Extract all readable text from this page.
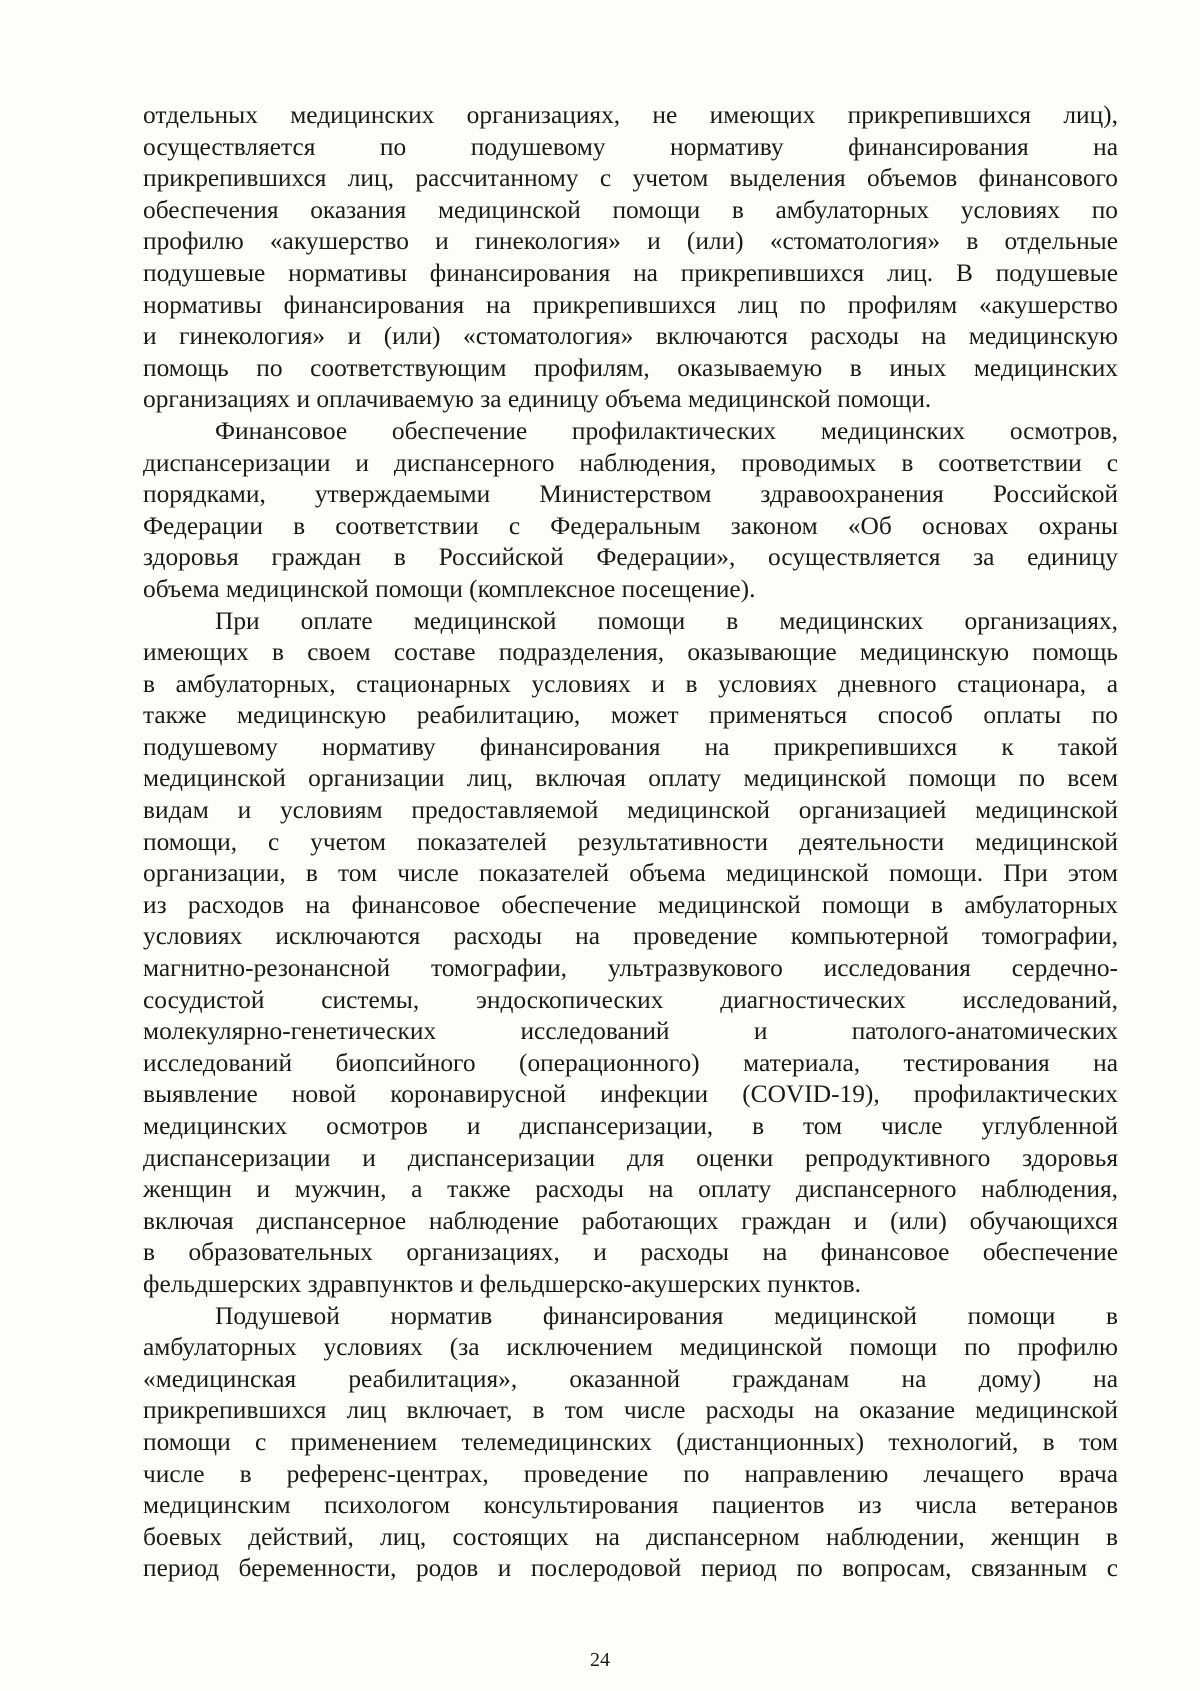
отдельных медицинских организациях, не имеющих прикрепившихся лиц),
осуществляется по подушевому нормативу финансирования на
прикрепившихся лиц, рассчитанному с учетом выделения объемов финансового
обеспечения оказания медицинской помощи в амбулаторных условиях по
профилю «акушерство и гинекология» и (или) «стоматология» в отдельные
подушевые нормативы финансирования на прикрепившихся лиц. В подушевые
нормативы финансирования на прикрепившихся лиц по профилям «акушерство
и гинекология» и (или) «стоматология» включаются расходы на медицинскую
помощь по соответствующим профилям, оказываемую в иных медицинских
организациях и оплачиваемую за единицу объема медицинской помощи.
Финансовое обеспечение профилактических медицинских осмотров,
диспансеризации и диспансерного наблюдения, проводимых в соответствии с
порядками, утверждаемыми Министерством здравоохранения Российской
Федерации в соответствии с Федеральным законом «Об основах охраны
здоровья граждан в Российской Федерации», осуществляется за единицу
объема медицинской помощи (комплексное посещение).
При оплате медицинской помощи в медицинских организациях,
имеющих в своем составе подразделения, оказывающие медицинскую помощь
в амбулаторных, стационарных условиях и в условиях дневного стационара, а
также медицинскую реабилитацию, может применяться способ оплаты по
подушевому нормативу финансирования на прикрепившихся к такой
медицинской организации лиц, включая оплату медицинской помощи по всем
видам и условиям предоставляемой медицинской организацией медицинской
помощи, с учетом показателей результативности деятельности медицинской
организации, в том числе показателей объема медицинской помощи. При этом
из расходов на финансовое обеспечение медицинской помощи в амбулаторных
условиях исключаются расходы на проведение компьютерной томографии,
магнитно-резонансной томографии, ультразвукового исследования сердечно-
сосудистой системы, эндоскопических диагностических исследований,
молекулярно-генетических исследований и патолого-анатомических
исследований биопсийного (операционного) материала, тестирования на
выявление новой коронавирусной инфекции (COVID-19), профилактических
медицинских осмотров и диспансеризации, в том числе углубленной
диспансеризации и диспансеризации для оценки репродуктивного здоровья
женщин и мужчин, а также расходы на оплату диспансерного наблюдения,
включая диспансерное наблюдение работающих граждан и (или) обучающихся
в образовательных организациях, и расходы на финансовое обеспечение
фельдшерских здравпунктов и фельдшерско-акушерских пунктов.
Подушевой норматив финансирования медицинской помощи в
амбулаторных условиях (за исключением медицинской помощи по профилю
«медицинская реабилитация», оказанной гражданам на дому) на
прикрепившихся лиц включает, в том числе расходы на оказание медицинской
помощи с применением телемедицинских (дистанционных) технологий, в том
числе в референс-центрах, проведение по направлению лечащего врача
медицинским психологом консультирования пациентов из числа ветеранов
боевых действий, лиц, состоящих на диспансерном наблюдении, женщин в
период беременности, родов и послеродовой период по вопросам, связанным с
24
